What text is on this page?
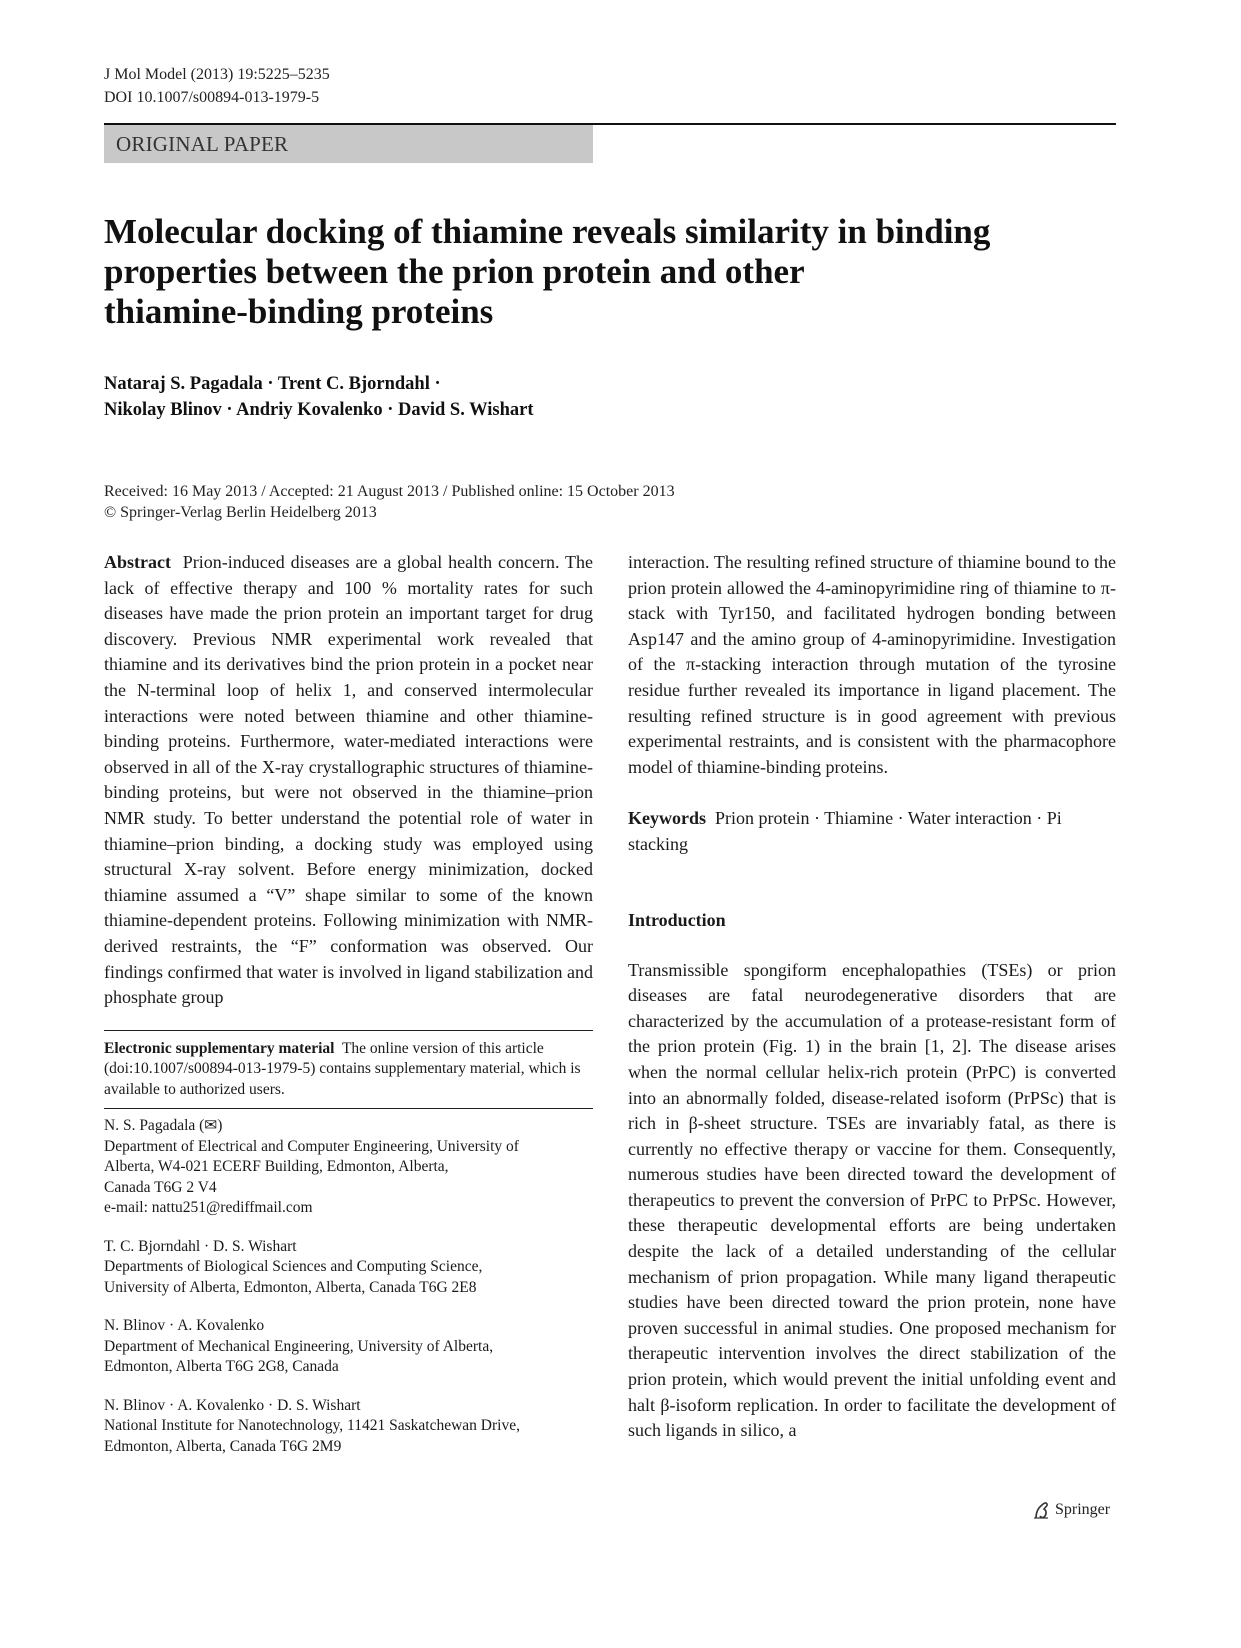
J Mol Model (2013) 19:5225–5235
DOI 10.1007/s00894-013-1979-5
ORIGINAL PAPER
Molecular docking of thiamine reveals similarity in binding
properties between the prion protein and other
thiamine-binding proteins
Nataraj S. Pagadala · Trent C. Bjorndahl ·
Nikolay Blinov · Andriy Kovalenko · David S. Wishart
Received: 16 May 2013 / Accepted: 21 August 2013 / Published online: 15 October 2013
© Springer-Verlag Berlin Heidelberg 2013

Abstract Prion-induced diseases are a global health concern. The lack of effective therapy and 100 % mortality rates for such diseases have made the prion protein an important target for drug discovery. Previous NMR experimental work revealed that thiamine and its derivatives bind the prion protein in a pocket near the N-terminal loop of helix 1, and conserved intermolecular interactions were noted between thiamine and other thiamine-binding proteins. Furthermore, water-mediated interactions were observed in all of the X-ray crystallographic structures of thiamine-binding proteins, but were not observed in the thiamine–prion NMR study. To better understand the potential role of water in thiamine–prion binding, a docking study was employed using structural X-ray solvent. Before energy minimization, docked thiamine assumed a “V” shape similar to some of the known thiamine-dependent proteins. Following minimization with NMR-derived restraints, the “F” conformation was observed. Our findings confirmed that water is involved in ligand stabilization and phosphate group

Electronic supplementary material The online version of this article (doi:10.1007/s00894-013-1979-5) contains supplementary material, which is available to authorized users.
N. S. Pagadala (✉)
Department of Electrical and Computer Engineering, University of
Alberta, W4-021 ECERF Building, Edmonton, Alberta,
Canada T6G 2 V4
e-mail: nattu251@rediffmail.com
T. C. Bjorndahl · D. S. Wishart
Departments of Biological Sciences and Computing Science,
University of Alberta, Edmonton, Alberta, Canada T6G 2E8
N. Blinov · A. Kovalenko
Department of Mechanical Engineering, University of Alberta,
Edmonton, Alberta T6G 2G8, Canada
N. Blinov · A. Kovalenko · D. S. Wishart
National Institute for Nanotechnology, 11421 Saskatchewan Drive,
Edmonton, Alberta, Canada T6G 2M9

interaction. The resulting refined structure of thiamine bound to the prion protein allowed the 4-aminopyrimidine ring of thiamine to π-stack with Tyr150, and facilitated hydrogen bonding between Asp147 and the amino group of 4-aminopyrimidine. Investigation of the π-stacking interaction through mutation of the tyrosine residue further revealed its importance in ligand placement. The resulting refined structure is in good agreement with previous experimental restraints, and is consistent with the pharmacophore model of thiamine-binding proteins.

Keywords Prion protein · Thiamine · Water interaction · Pi stacking
Introduction

Transmissible spongiform encephalopathies (TSEs) or prion diseases are fatal neurodegenerative disorders that are characterized by the accumulation of a protease-resistant form of the prion protein (Fig. 1) in the brain [1, 2]. The disease arises when the normal cellular helix-rich protein (PrPC) is converted into an abnormally folded, disease-related isoform (PrPSc) that is rich in β-sheet structure. TSEs are invariably fatal, as there is currently no effective therapy or vaccine for them. Consequently, numerous studies have been directed toward the development of therapeutics to prevent the conversion of PrPC to PrPSc. However, these therapeutic developmental efforts are being undertaken despite the lack of a detailed understanding of the cellular mechanism of prion propagation. While many ligand therapeutic studies have been directed toward the prion protein, none have proven successful in animal studies. One proposed mechanism for therapeutic intervention involves the direct stabilization of the prion protein, which would prevent the initial unfolding event and halt β-isoform replication. In order to facilitate the development of such ligands in silico, a

Springer
